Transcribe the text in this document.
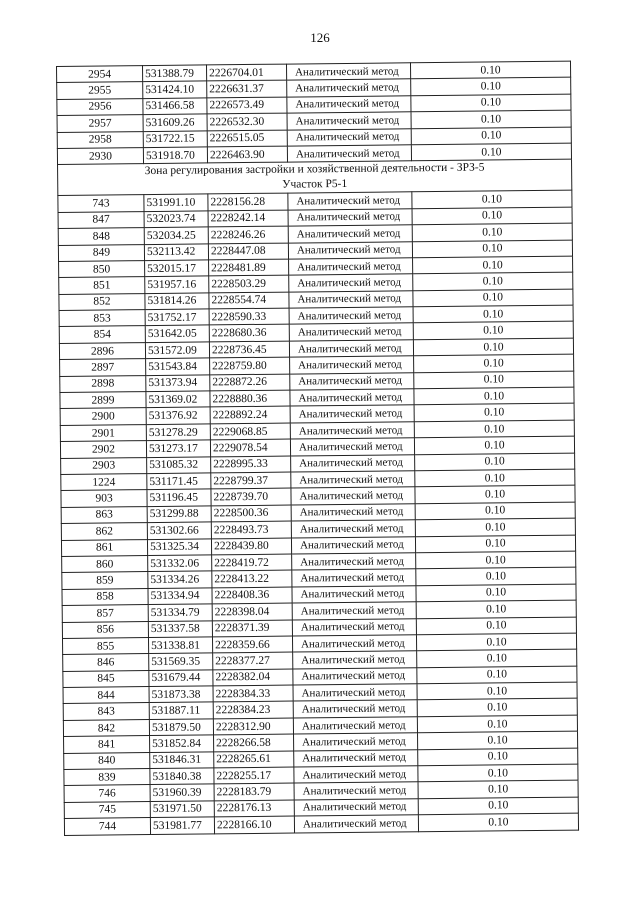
126
2954	531388.79	2226704.01	Аналитический метод	0.10
2955	531424.10	2226631.37	Аналитический метод	0.10
2956	531466.58	2226573.49	Аналитический метод	0.10
2957	531609.26	2226532.30	Аналитический метод	0.10
2958	531722.15	2226515.05	Аналитический метод	0.10
2930	531918.70	2226463.90	Аналитический метод	0.10
Зона регулирования застройки и хозяйственной деятельности - ЗРЗ-5
Участок Р5-1				
743	531991.10	2228156.28	Аналитический метод	0.10
847	532023.74	2228242.14	Аналитический метод	0.10
848	532034.25	2228246.26	Аналитический метод	0.10
849	532113.42	2228447.08	Аналитический метод	0.10
850	532015.17	2228481.89	Аналитический метод	0.10
851	531957.16	2228503.29	Аналитический метод	0.10
852	531814.26	2228554.74	Аналитический метод	0.10
853	531752.17	2228590.33	Аналитический метод	0.10
854	531642.05	2228680.36	Аналитический метод	0.10
2896	531572.09	2228736.45	Аналитический метод	0.10
2897	531543.84	2228759.80	Аналитический метод	0.10
2898	531373.94	2228872.26	Аналитический метод	0.10
2899	531369.02	2228880.36	Аналитический метод	0.10
2900	531376.92	2228892.24	Аналитический метод	0.10
2901	531278.29	2229068.85	Аналитический метод	0.10
2902	531273.17	2229078.54	Аналитический метод	0.10
2903	531085.32	2228995.33	Аналитический метод	0.10
1224	531171.45	2228799.37	Аналитический метод	0.10
903	531196.45	2228739.70	Аналитический метод	0.10
863	531299.88	2228500.36	Аналитический метод	0.10
862	531302.66	2228493.73	Аналитический метод	0.10
861	531325.34	2228439.80	Аналитический метод	0.10
860	531332.06	2228419.72	Аналитический метод	0.10
859	531334.26	2228413.22	Аналитический метод	0.10
858	531334.94	2228408.36	Аналитический метод	0.10
857	531334.79	2228398.04	Аналитический метод	0.10
856	531337.58	2228371.39	Аналитический метод	0.10
855	531338.81	2228359.66	Аналитический метод	0.10
846	531569.35	2228377.27	Аналитический метод	0.10
845	531679.44	2228382.04	Аналитический метод	0.10
844	531873.38	2228384.33	Аналитический метод	0.10
843	531887.11	2228384.23	Аналитический метод	0.10
842	531879.50	2228312.90	Аналитический метод	0.10
841	531852.84	2228266.58	Аналитический метод	0.10
840	531846.31	2228265.61	Аналитический метод	0.10
839	531840.38	2228255.17	Аналитический метод	0.10
746	531960.39	2228183.79	Аналитический метод	0.10
745	531971.50	2228176.13	Аналитический метод	0.10
744	531981.77	2228166.10	Аналитический метод	0.10
